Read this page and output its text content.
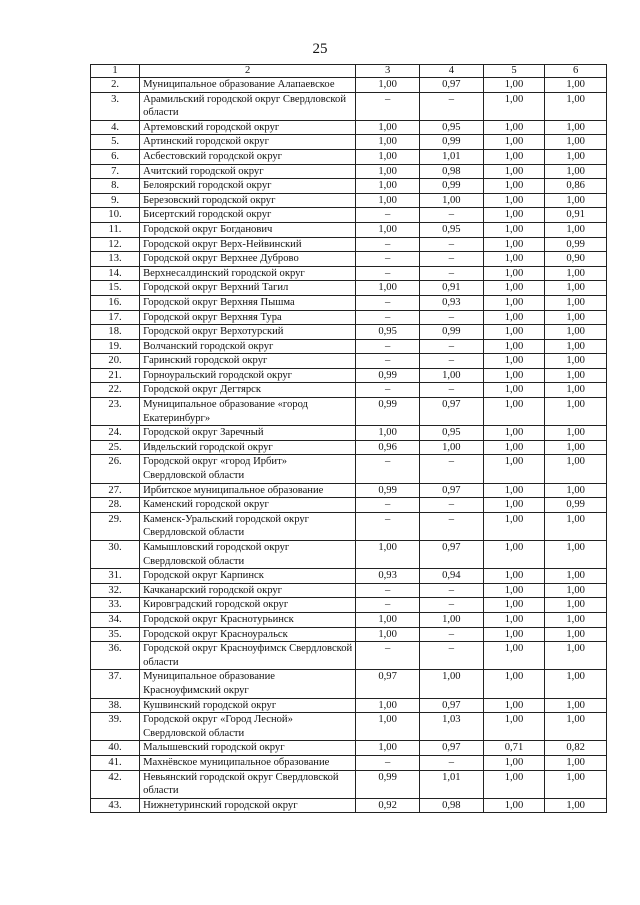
25
1	2	3	4	5	6
2.	Муниципальное образование Алапаевское	1,00	0,97	1,00	1,00
3.	Арамильский городской округ Свердловской области	–	–	1,00	1,00
4.	Артемовский городской округ	1,00	0,95	1,00	1,00
5.	Артинский городской округ	1,00	0,99	1,00	1,00
6.	Асбестовский городской округ	1,00	1,01	1,00	1,00
7.	Ачитский городской округ	1,00	0,98	1,00	1,00
8.	Белоярский городской округ	1,00	0,99	1,00	0,86
9.	Березовский городской округ	1,00	1,00	1,00	1,00
10.	Бисертский городской округ	–	–	1,00	0,91
11.	Городской округ Богданович	1,00	0,95	1,00	1,00
12.	Городской округ Верх-Нейвинский	–	–	1,00	0,99
13.	Городской округ Верхнее Дуброво	–	–	1,00	0,90
14.	Верхнесалдинский городской округ	–	–	1,00	1,00
15.	Городской округ Верхний Тагил	1,00	0,91	1,00	1,00
16.	Городской округ Верхняя Пышма	–	0,93	1,00	1,00
17.	Городской округ Верхняя Тура	–	–	1,00	1,00
18.	Городской округ Верхотурский	0,95	0,99	1,00	1,00
19.	Волчанский городской округ	–	–	1,00	1,00
20.	Гаринский городской округ	–	–	1,00	1,00
21.	Горноуральский городской округ	0,99	1,00	1,00	1,00
22.	Городской округ Дегтярск	–	–	1,00	1,00
23.	Муниципальное образование «город Екатеринбург»	0,99	0,97	1,00	1,00
24.	Городской округ Заречный	1,00	0,95	1,00	1,00
25.	Ивдельский городской округ	0,96	1,00	1,00	1,00
26.	Городской округ «город Ирбит» Свердловской области	–	–	1,00	1,00
27.	Ирбитское муниципальное образование	0,99	0,97	1,00	1,00
28.	Каменский городской округ	–	–	1,00	0,99
29.	Каменск-Уральский городской округ Свердловской области	–	–	1,00	1,00
30.	Камышловский городской округ Свердловской области	1,00	0,97	1,00	1,00
31.	Городской округ Карпинск	0,93	0,94	1,00	1,00
32.	Качканарский городской округ	–	–	1,00	1,00
33.	Кировградский городской округ	–	–	1,00	1,00
34.	Городской округ Краснотурьинск	1,00	1,00	1,00	1,00
35.	Городской округ Красноуральск	1,00	–	1,00	1,00
36.	Городской округ Красноуфимск Свердловской области	–	–	1,00	1,00
37.	Муниципальное образование Красноуфимский округ	0,97	1,00	1,00	1,00
38.	Кушвинский городской округ	1,00	0,97	1,00	1,00
39.	Городской округ «Город Лесной» Свердловской области	1,00	1,03	1,00	1,00
40.	Малышевский городской округ	1,00	0,97	0,71	0,82
41.	Махнёвское муниципальное образование	–	–	1,00	1,00
42.	Невьянский городской округ Свердловской области	0,99	1,01	1,00	1,00
43.	Нижнетуринский городской округ	0,92	0,98	1,00	1,00
